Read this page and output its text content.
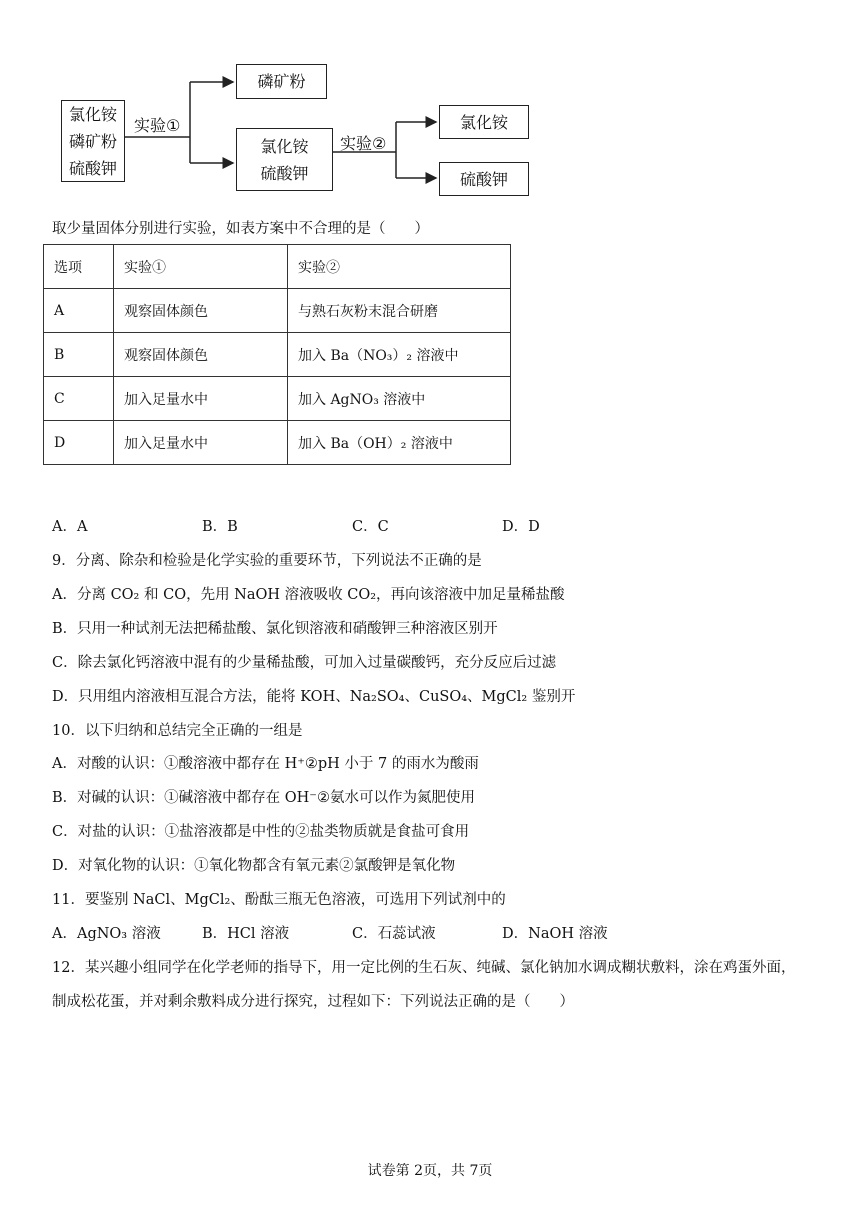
氯化铵
磷矿粉
硫酸钾
实验①
磷矿粉
氯化铵
硫酸钾
实验②
氯化铵
硫酸钾
取少量固体分别进行实验，如表方案中不合理的是（　　）
选项	实验①	实验②
A	观察固体颜色	与熟石灰粉末混合研磨
B	观察固体颜色	加入 Ba（NO₃）₂ 溶液中
C	加入足量水中	加入 AgNO₃ 溶液中
D	加入足量水中	加入 Ba（OH）₂ 溶液中
A．A	B．B	C．C	D．D
9．分离、除杂和检验是化学实验的重要环节，下列说法不正确的是
A．分离 CO₂ 和 CO，先用 NaOH 溶液吸收 CO₂，再向该溶液中加足量稀盐酸
B．只用一种试剂无法把稀盐酸、氯化钡溶液和硝酸钾三种溶液区别开
C．除去氯化钙溶液中混有的少量稀盐酸，可加入过量碳酸钙，充分反应后过滤
D．只用组内溶液相互混合方法，能将 KOH、Na₂SO₄、CuSO₄、MgCl₂ 鉴别开
10．以下归纳和总结完全正确的一组是
A．对酸的认识：①酸溶液中都存在 H⁺②pH 小于 7 的雨水为酸雨
B．对碱的认识：①碱溶液中都存在 OH⁻②氨水可以作为氮肥使用
C．对盐的认识：①盐溶液都是中性的②盐类物质就是食盐可食用
D．对氧化物的认识：①氧化物都含有氧元素②氯酸钾是氧化物
11．要鉴别 NaCl、MgCl₂、酚酞三瓶无色溶液，可选用下列试剂中的
A．AgNO₃ 溶液	B．HCl 溶液	C．石蕊试液	D．NaOH 溶液
12．某兴趣小组同学在化学老师的指导下，用一定比例的生石灰、纯碱、氯化钠加水调成糊状敷料，涂在鸡蛋外面，
制成松花蛋，并对剩余敷料成分进行探究，过程如下：下列说法正确的是（　　）
试卷第 2页，共 7页
